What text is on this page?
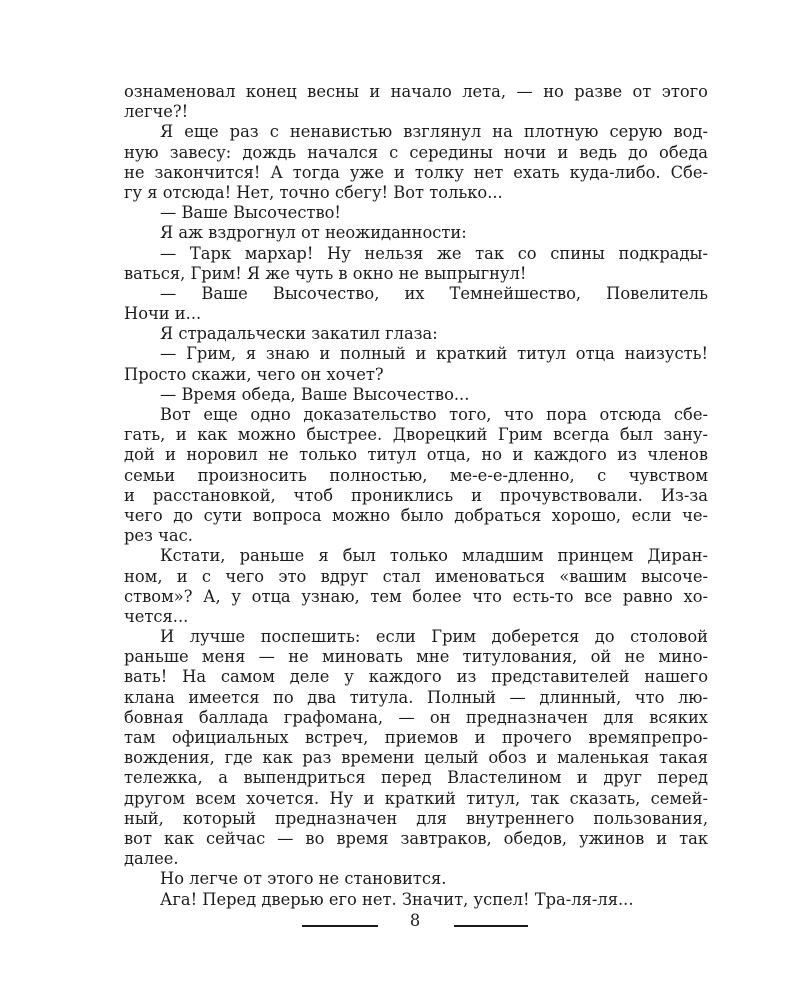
ознаменовал конец весны и начало лета, — но разве от этого
легче?!
Я еще раз с ненавистью взглянул на плотную серую вод-
ную завесу: дождь начался с середины ночи и ведь до обеда
не закончится! А тогда уже и толку нет ехать куда-либо. Сбе-
гу я отсюда! Нет, точно сбегу! Вот только...
— Ваше Высочество!
Я аж вздрогнул от неожиданности:
— Тарк мархар! Ну нельзя же так со спины подкрады-
ваться, Грим! Я же чуть в окно не выпрыгнул!
— Ваше Высочество, их Темнейшество, Повелитель
Ночи и...
Я страдальчески закатил глаза:
— Грим, я знаю и полный и краткий титул отца наизусть!
Просто скажи, чего он хочет?
— Время обеда, Ваше Высочество...
Вот еще одно доказательство того, что пора отсюда сбе-
гать, и как можно быстрее. Дворецкий Грим всегда был зану-
дой и норовил не только титул отца, но и каждого из членов
семьи произносить полностью, ме-е-е-дленно, с чувством
и расстановкой, чтоб прониклись и прочувствовали. Из-за
чего до сути вопроса можно было добраться хорошо, если че-
рез час.
Кстати, раньше я был только младшим принцем Диран-
ном, и с чего это вдруг стал именоваться «вашим высоче-
ством»? А, у отца узнаю, тем более что есть-то все равно хо-
чется...
И лучше поспешить: если Грим доберется до столовой
раньше меня — не миновать мне титулования, ой не мино-
вать! На самом деле у каждого из представителей нашего
клана имеется по два титула. Полный — длинный, что лю-
бовная баллада графомана, — он предназначен для всяких
там официальных встреч, приемов и прочего времяпрепро-
вождения, где как раз времени целый обоз и маленькая такая
тележка, а выпендриться перед Властелином и друг перед
другом всем хочется. Ну и краткий титул, так сказать, семей-
ный, который предназначен для внутреннего пользования,
вот как сейчас — во время завтраков, обедов, ужинов и так
далее.
Но легче от этого не становится.
Ага! Перед дверью его нет. Значит, успел! Тра-ля-ля...
8
